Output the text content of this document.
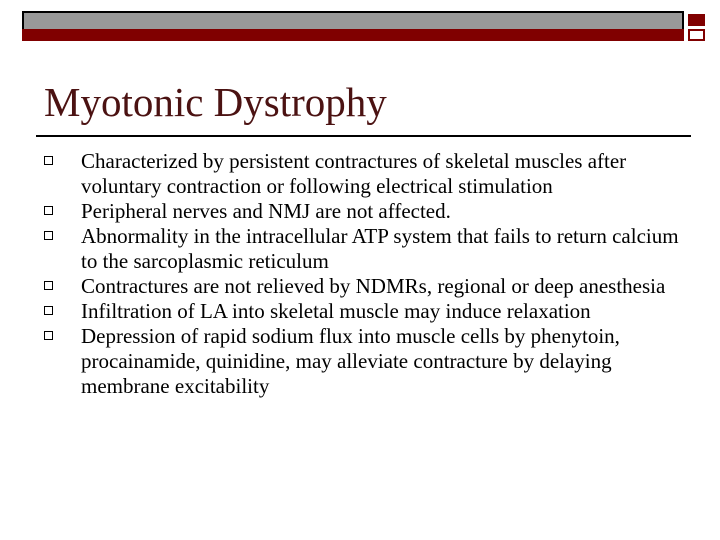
Myotonic Dystrophy
Characterized by persistent contractures of skeletal muscles after voluntary contraction or following electrical stimulation
Peripheral nerves and NMJ are not affected.
Abnormality in the intracellular ATP system that fails to return calcium to the sarcoplasmic reticulum
Contractures are not relieved by NDMRs, regional or deep anesthesia
Infiltration of LA into skeletal muscle may induce relaxation
Depression of rapid sodium flux into muscle cells by phenytoin, procainamide, quinidine, may alleviate contracture by delaying membrane excitability
